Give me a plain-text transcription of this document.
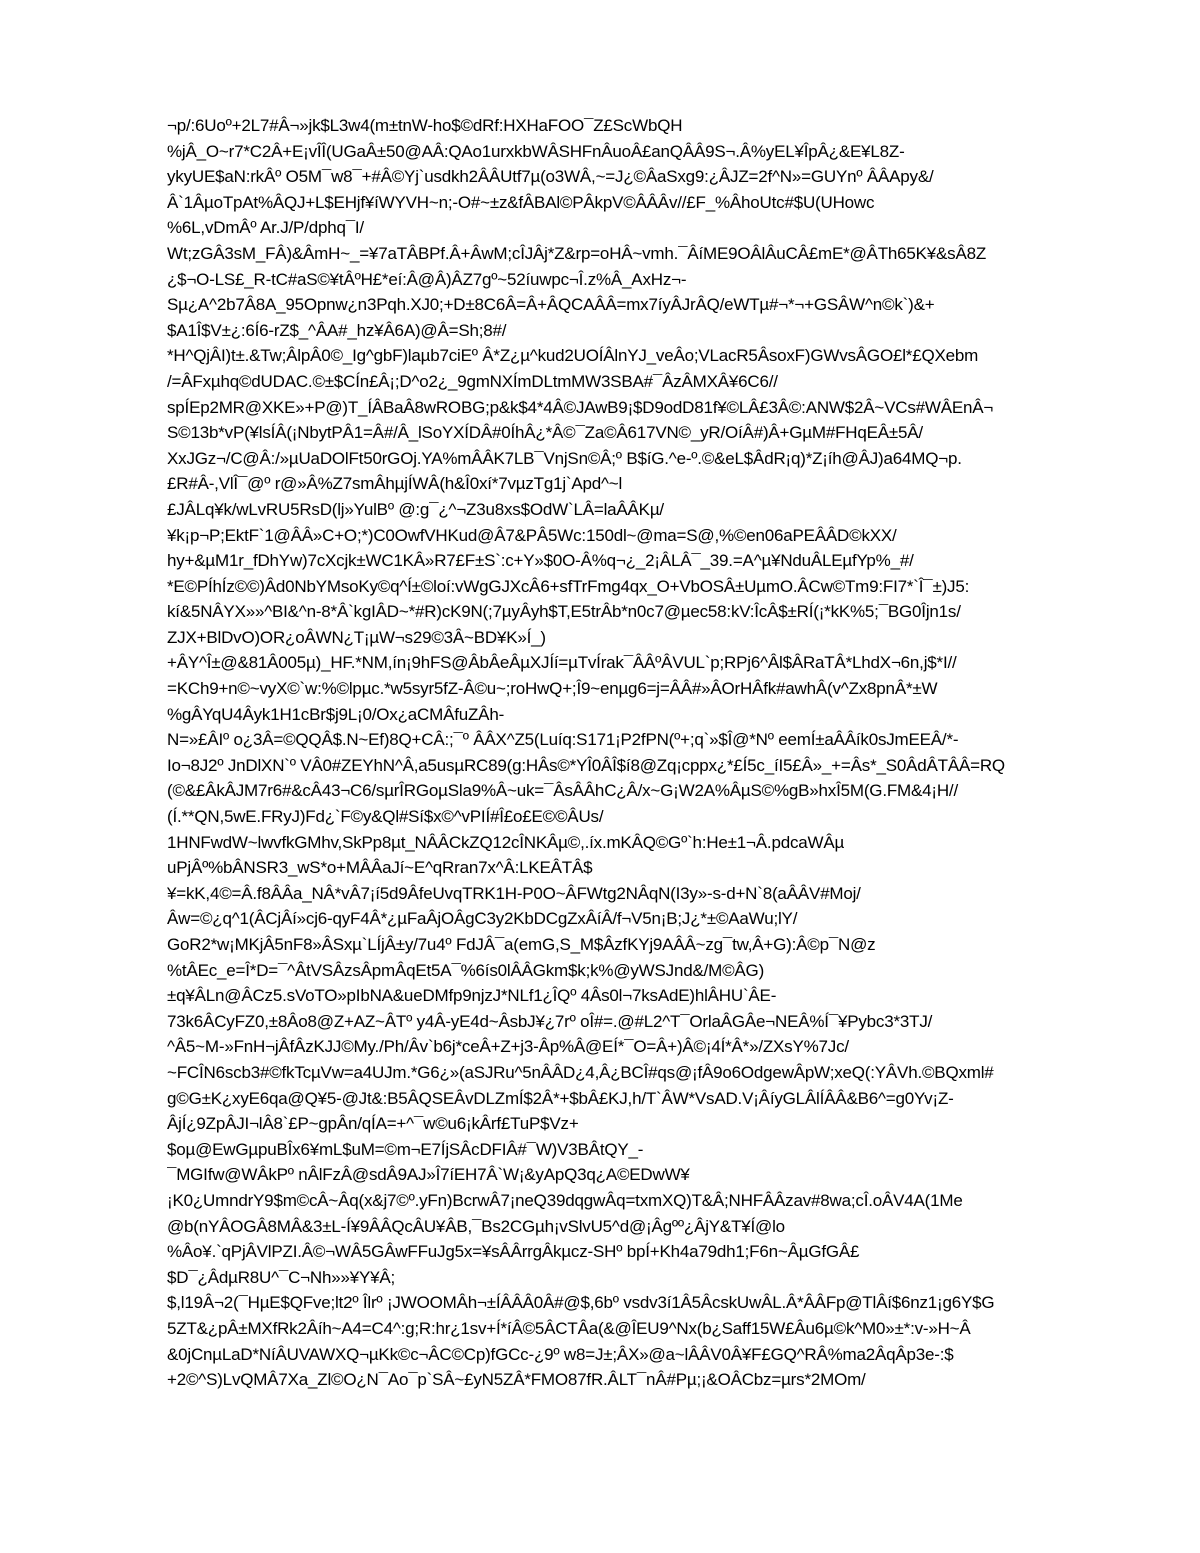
¬p/:6Uoº+2L7#Â¬»jk$L3w4(m±tnW-ho$©dRf:HXHaFOO¯Z£ScWbQH
%jÂ_O~r7*C2Â+E¡vÎÎ(UGaÂ±50@AÂ:QAo1urxkbWÂSHFnÂuoÂ£anQÂÂ9S¬.Â%yEL¥ÎpÂ¿&E¥L8Z-
ykyUE$aN:rkÂº O5M¯w8¯+#Â©Yj`usdkh2ÂÂUtf7µ(o3WÂ,~=J¿©ÂaSxg9:¿ÂJZ=2f^N»=GUYnº ÂÂApy&/
Â`1ÂµoTpAt%ÂQJ+L$EHjf¥íWYVH~n;-O#~±z&fÂBAl©PÂkpV©ÂÂÂv//£F_%ÂhoUtc#$U(UHowc
%6L,vDmÂº Ar.J/P/dphq¯I/
Wt;zGÂ3sM_FÂ)&ÂmH~_=¥7aTÂBPf.Â+ÂwM;cÎJÂj*Z&rp=oHÂ~vmh.¯ÂíME9OÂlÂuCÂ£mE*@ÂTh65K¥&sÂ8Z
¿$¬O-LS£_R-tC#aS©¥tÂºH£*eí:Â@Â)ÂZ7gº~52íuwpc¬Î.z%Â_AxHz¬-
Sµ¿A^2b7Â8A_95Opnw¿n3Pqh.XJ0;+D±8C6Â=Â+ÂQCAÂÂ=mx7íyÂJrÂQ/eWTµ#¬*¬+GSÂW^n©k`)&+
$A1Î$V±¿:6Í6-rZ$_^ÂA#_hz¥Â6A)@Â=Sh;8#/
*H^QjÂI)t±.&Tw;ÂlpÂ0©_Ig^gbF)laµb7ciEº Â*Z¿µ^kud2UOÍÂlnYJ_veÂo;VLacR5ÂsoxF)GWvsÂGO£l*£QXebm
/=ÂFxµhq©dUDAC.©±$CÍn£Â¡;D^o2¿_9gmNXÍmDLtmMW3SBA#¯ÂzÂMXÂ¥6C6//
spÍEp2MR@XKE»+P@)T_ÍÂBaÂ8wROBG;p&k$4*4Â©JAwB9¡$D9odD81f¥©LÂ£3Â©:ANW$2Â~VCs#WÂEnÂ¬
S©13b*vP(¥lsÍÂ(¡NbytPÂ1=Â#/Â_lSoYXÍDÂ#0ÍhÂ¿*Â©¯Za©Â617VN©_yR/OíÂ#)Â+GµM#FHqEÂ±5Â/
XxJGz¬/C@Â:/»µUaDOlFt50rGOj.YA%mÂÂK7LB¯VnjSn©Â;º B$íG.^e-º.©&eL$ÂdR¡q)*Z¡íh@ÂJ)a64MQ¬p.
£R#Â-,VlÎ¯@º r@»Â%Z7smÂhµjÍWÂ(h&Î0xí*7vµzTg1j`Apd^~l
£JÂLq¥k/wLvRU5RsD(lj»YulBº @:g¯¿^¬Z3u8xs$OdW`LÂ=laÂÂKµ/
¥k¡p¬P;EktF`1@ÂÂ»C+O;*)C0OwfVHKud@Â7&PÂ5Wc:150dl~@ma=S@,%©en06aPEÂÂD©kXX/
hy+&µM1r_fDhYw)7cXcjk±WC1KÂ»R7£F±S`:c+Y»$0O-Â%q¬¿_2¡ÂLÂ¯_39.=A^µ¥NduÂLEµfYp%_#/
*E©PÍhÍz©©)Âd0NbYMsoKy©q^Í±©loí:vWgGJXcÂ6+sfTrFmg4qx_O+VbOSÂ±UµmO.ÂCw©Tm9:FI7*`Î¯±)J5:
kí&5NÂYX»»^BI&^n-8*Â`kgIÂD~*#R)cK9N(;7µyÂyh$T,E5trÂb*n0c7@µec58:kV:ÎcÂ$±RÍ(¡*kK%5;¯BG0Îjn1s/
ZJX+BlDvO)OR¿oÂWN¿T¡µW¬s29©3Â~BD¥K»Í_)
+ÂY^Î±@&81Â005µ)_HF.*NM,ín¡9hFS@ÂbÂeÂµXJÍí=µTvÍrak¯ÂÂºÂVUL`p;RPj6^Âl$ÂRaTÂ*LhdX¬6n,j$*I//
=KCh9+n©~vyX©`w:%©lpµc.*w5syr5fZ-Â©u~;roHwQ+;Î9~enµg6=j=ÂÂ#»ÂOrHÂfk#awhÂ(v^Zx8pnÂ*±W
%gÂYqU4Âyk1H1cBr$j9L¡0/Ox¿aCMÂfuZÂh-
N=»£ÂIº o¿3Â=©QQÂ$.N~Ef)8Q+CÂ:;¯º ÂÂX^Z5(Luíq:S171¡P2fPN(º+;q`»$Î@*Nº eemÍ±aÂÂík0sJmEEÂ/*-
Io¬8J2º JnDlXN`º VÂ0#ZEYhN^Â,a5usµRC89(g:HÂs©*YÎ0ÂÎ$í8@Zq¡cppx¿*£Í5c_íI5£Â»_+=Âs*_S0ÂdÂTÂÂ=RQ
(©&£ÂkÂJM7r6#&cÂ43¬C6/sµrÎRGoµSla9%Â~uk=¯ÂsÂÂhC¿Â/x~G¡W2A%ÂµS©%gB»hxÎ5M(G.FM&4¡H//
(Í.**QN,5wE.FRyJ)Fd¿`F©y&Ql#Sí$x©^vPIÍ#Î£o£E©©ÂUs/
1HNFwdW~lwvfkGMhv,SkPp8µt_NÂÂCkZQ12cÎNKÂµ©,.íx.mKÂQ©Gº`h:He±1¬Â.pdcaWÂµ
uPjÂº%bÂNSR3_wS*o+MÂÂaJí~E^qRran7x^Â:LKEÂTÂ$
¥=kK,4©=Â.f8ÂÂa_NÂ*vÂ7¡í5d9ÂfeUvqTRK1H-P0O~ÂFWtg2NÂqN(I3y»-s-d+N`8(aÂÂV#Moj/
Âw=©¿q^1(ÂCjÂí»cj6-qyF4Â*¿µFaÂjOÂgC3y2KbDCgZxÂíÂ/f¬V5n¡B;J¿*±©AaWu;lY/
GoR2*w¡MKjÂ5nF8»ÂSxµ`LÍjÂ±y/7u4º FdJÂ¯a(emG,S_M$ÂzfKYj9AÂÂ~zg¯tw,Â+G):Â©p¯N@z
%tÂEc_e=Î*D=¯^ÂtVSÂzsÂpmÂqEt5A¯%6ís0lÂÂGkm$k;k%@yWSJnd&/M©ÂG)
±q¥ÂLn@ÂCz5.sVoTO»pIbNA&ueDMfp9njzJ*NLf1¿ÎQº 4Âs0l¬7ksAdE)hlÂHU`ÂE-
73k6ÂCyFZ0,±8Âo8@Z+AZ~ÂTº y4Â-yE4d~ÂsbJ¥¿7rº oÎ#=.@#L2^T¯OrlaÂGÂe¬NEÂ%Í¯¥Pybc3*3TJ/
^Â5~M-»FnH¬jÂfÂzKJJ©My./Ph/Âv`b6j*ceÂ+Z+j3-Âp%Â@EÍ*¯O=Â+)Â©¡4Í*Â*»/ZXsY%7Jc/
~FCÎN6scb3#©fkTcµVw=a4UJm.*G6¿»(aSJRu^5nÂÂD¿4,Â¿BCÎ#qs@¡fÂ9o6OdgewÂpW;xeQ(:YÂVh.©BQxml#
g©G±K¿xyE6qa@Q¥5-@Jt&:B5ÂQSEÂvDLZmÍ$2Â*+$bÂ£KJ,h/T`ÂW*VsAD.V¡ÂíyGLÂlÍÂÂ&B6^=g0Yv¡Z-
ÂjÍ¿9ZpÂJI¬lÂ8`£P~gpÂn/qÍA=+^¯w©u6¡kÂrf£TuP$Vz+
$oµ@EwGµpuBÎx6¥mL$uM=©m¬E7ÍjSÂcDFIÂ#¯W)V3BÂtQY_-
¯MGIfw@WÂkPº nÂlFzÂ@sdÂ9AJ»Î7íEH7Â`W¡&yApQ3q¿A©EDwW¥
¡K0¿UmndrY9$m©cÂ~Âq(x&j7©º.yFn)BcrwÂ7¡neQ39dqgwÂq=txmXQ)T&Â;NHFÂÂzav#8wa;cÎ.oÂV4A(1Me
@b(nYÂOGÂ8MÂ&3±L-Í¥9ÂÂQcÂU¥ÂB,¯Bs2CGµh¡vSlvU5^d@¡Âgºº¿ÂjY&T¥Í@lo
%Âo¥.`qPjÂVlPZI.Â©¬WÂ5GÂwFFuJg5x=¥sÂÂrrgÂkµcz-SHº bpÍ+Kh4a79dh1;F6n~ÂµGfGÂ£
$D¯¿ÂdµR8U^¯C¬Nh»»¥Y¥Â;
$,l19Â¬2(¯HµE$QFve;lt2º Îlrº ¡JWOOMÂh¬±ÍÂÂÂ0Â#@$,6bº vsdv3í1Â5ÂcskUwÂL.Â*ÂÂFp@TlÂí$6nz1¡g6Y$G
5ZT&¿pÂ±MXfRk2Âíh~A4=C4^:g;R:hr¿1sv+Í*íÂ©5ÂCTÂa(&@ÎEU9^Nx(b¿Saff15W£Âu6µ©k^M0»±*:v-»H~Â
&0jCnµLaD*NíÂUVAWXQ¬µKk©c¬ÂC©Cp)fGCc-¿9º w8=J±;ÂX»@a~lÂÂV0Â¥F£GQ^RÂ%ma2ÂqÂp3e-:$
+2©^S)LvQMÂ7Xa_Zl©O¿N¯Ao¯p`SÂ~£yN5ZÂ*FMO87fR.ÂLT¯nÂ#Pµ;¡&OÂCbz=µrs*2MOm/
